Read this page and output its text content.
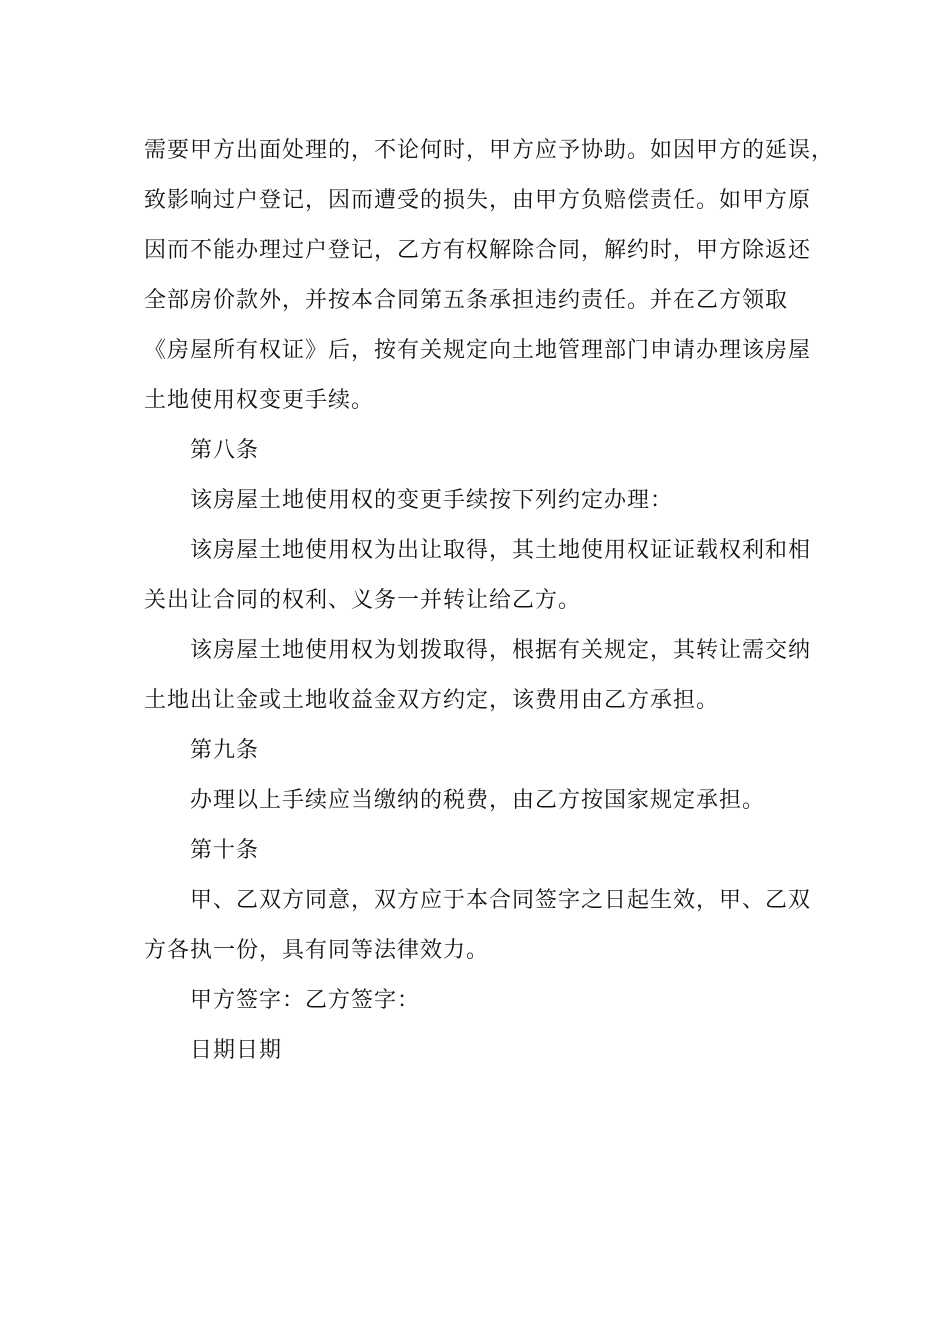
需要甲方出面处理的，不论何时，甲方应予协助。如因甲方的延误，
致影响过户登记，因而遭受的损失，由甲方负赔偿责任。如甲方原
因而不能办理过户登记，乙方有权解除合同，解约时，甲方除返还
全部房价款外，并按本合同第五条承担违约责任。并在乙方领取
《房屋所有权证》后，按有关规定向土地管理部门申请办理该房屋
土地使用权变更手续。
第八条
该房屋土地使用权的变更手续按下列约定办理：
该房屋土地使用权为出让取得，其土地使用权证证载权利和相
关出让合同的权利、义务一并转让给乙方。
该房屋土地使用权为划拨取得，根据有关规定，其转让需交纳
土地出让金或土地收益金双方约定，该费用由乙方承担。
第九条
办理以上手续应当缴纳的税费，由乙方按国家规定承担。
第十条
甲、乙双方同意，双方应于本合同签字之日起生效，甲、乙双
方各执一份，具有同等法律效力。
甲方签字：乙方签字：
日期日期
